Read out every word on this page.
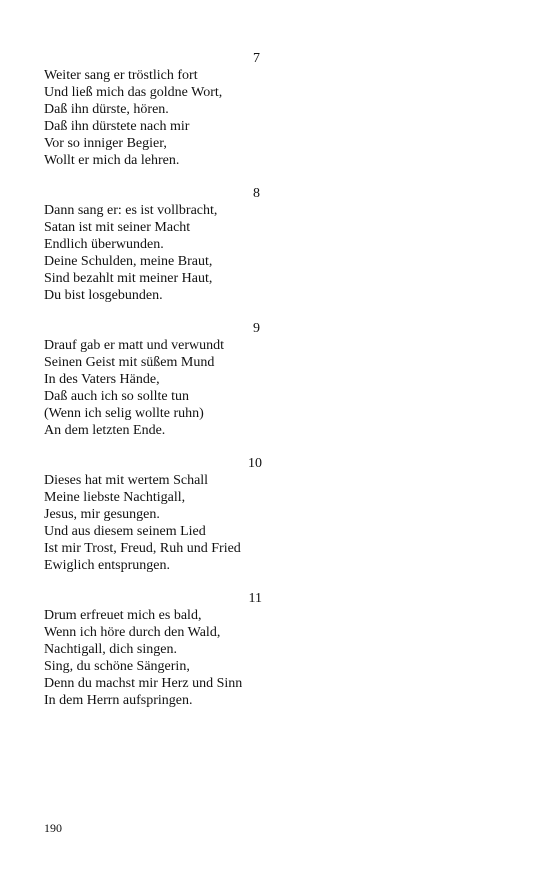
7
Weiter sang er tröstlich fort
Und ließ mich das goldne Wort,
Daß ihn dürste, hören.
Daß ihn dürstete nach mir
Vor so inniger Begier,
Wollt er mich da lehren.
8
Dann sang er: es ist vollbracht,
Satan ist mit seiner Macht
Endlich überwunden.
Deine Schulden, meine Braut,
Sind bezahlt mit meiner Haut,
Du bist losgebunden.
9
Drauf gab er matt und verwundt
Seinen Geist mit süßem Mund
In des Vaters Hände,
Daß auch ich so sollte tun
(Wenn ich selig wollte ruhn)
An dem letzten Ende.
10
Dieses hat mit wertem Schall
Meine liebste Nachtigall,
Jesus, mir gesungen.
Und aus diesem seinem Lied
Ist mir Trost, Freud, Ruh und Fried
Ewiglich entsprungen.
11
Drum erfreuet mich es bald,
Wenn ich höre durch den Wald,
Nachtigall, dich singen.
Sing, du schöne Sängerin,
Denn du machst mir Herz und Sinn
In dem Herrn aufspringen.
190
